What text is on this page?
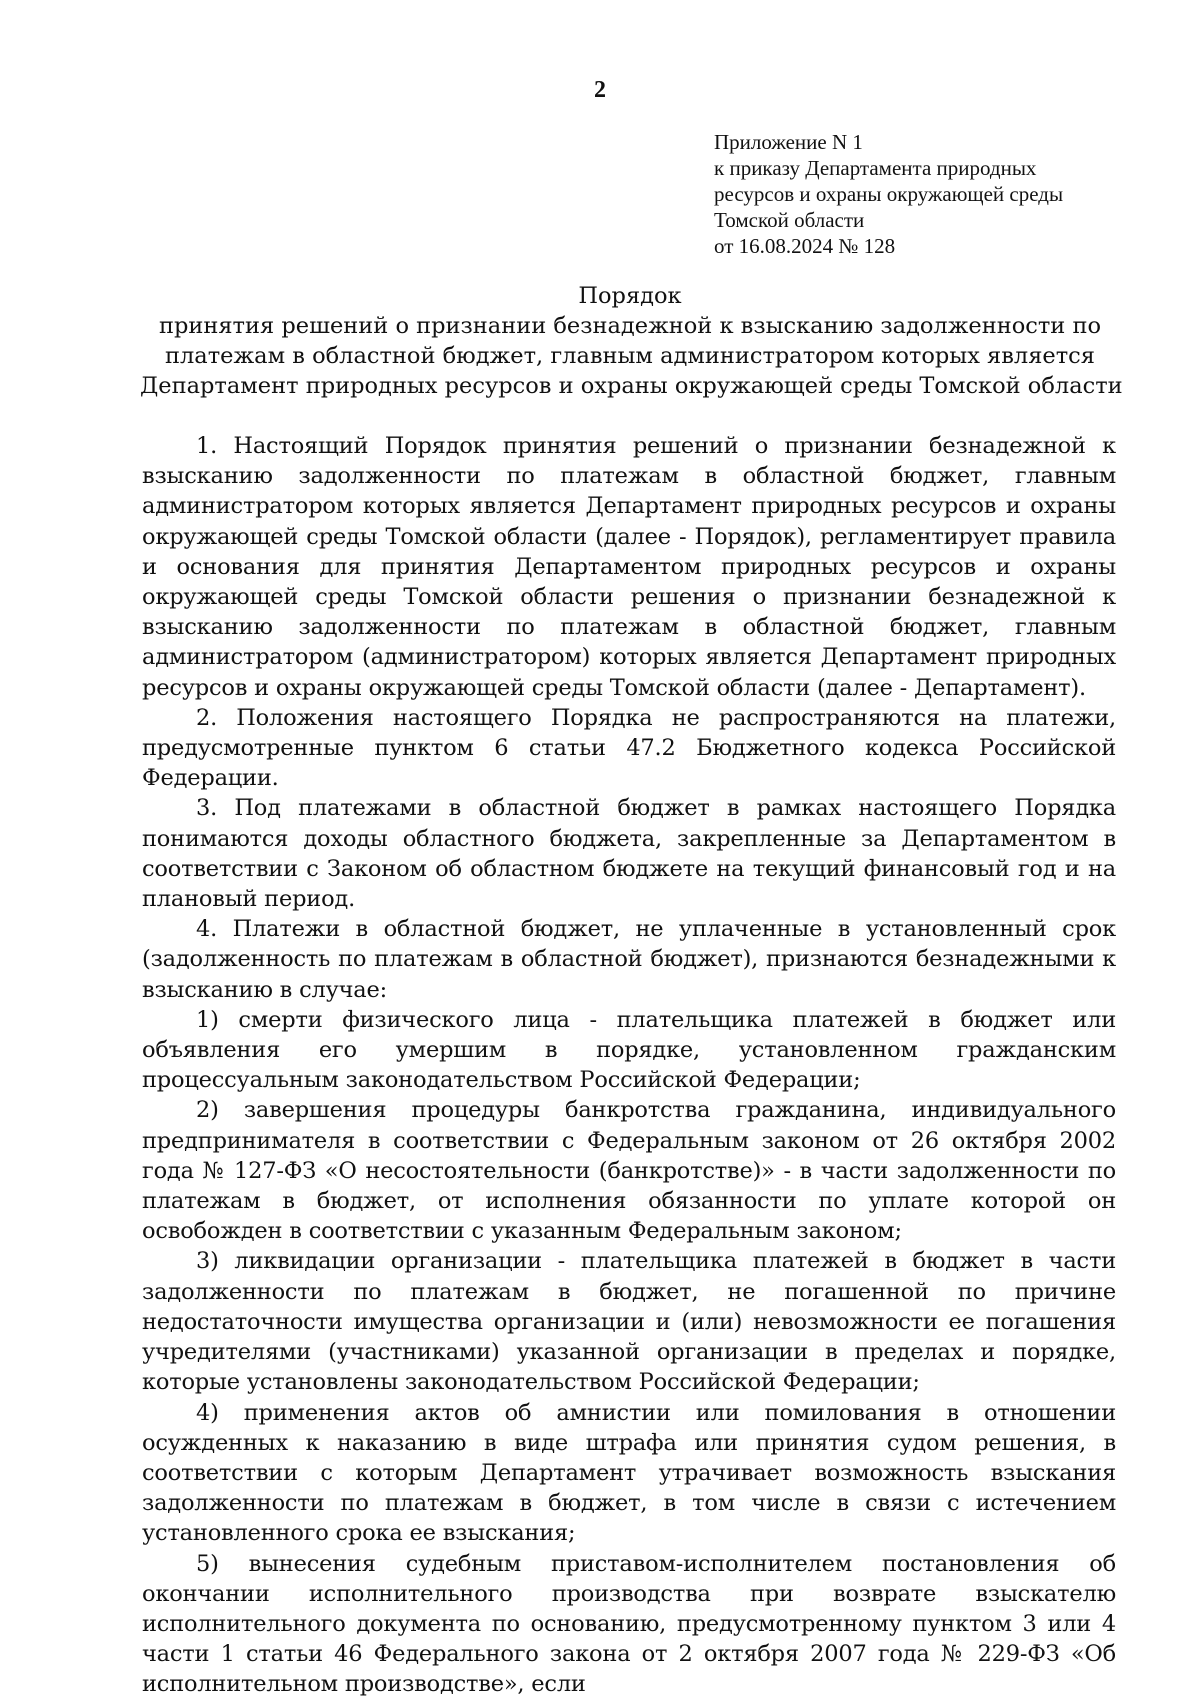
2
Приложение N 1
к приказу Департамента природных
ресурсов и охраны окружающей среды
Томской области
от 16.08.2024 № 128
Порядок
принятия решений о признании безнадежной к взысканию задолженности по
платежам в областной бюджет, главным администратором которых является
Департамент природных ресурсов и охраны окружающей среды Томской области

1. Настоящий Порядок принятия решений о признании безнадежной к взысканию задолженности по платежам в областной бюджет, главным администратором которых является Департамент природных ресурсов и охраны окружающей среды Томской области (далее - Порядок), регламентирует правила и основания для принятия Департаментом природных ресурсов и охраны окружающей среды Томской области решения о признании безнадежной к взысканию задолженности по платежам в областной бюджет, главным администратором (администратором) которых является Департамент природных ресурсов и охраны окружающей среды Томской области (далее - Департамент).

2. Положения настоящего Порядка не распространяются на платежи, предусмотренные пунктом 6 статьи 47.2 Бюджетного кодекса Российской Федерации.

3. Под платежами в областной бюджет в рамках настоящего Порядка понимаются доходы областного бюджета, закрепленные за Департаментом в соответствии с Законом об областном бюджете на текущий финансовый год и на плановый период.

4. Платежи в областной бюджет, не уплаченные в установленный срок (задолженность по платежам в областной бюджет), признаются безнадежными к взысканию в случае:

1) смерти физического лица - плательщика платежей в бюджет или объявления его умершим в порядке, установленном гражданским процессуальным законодательством Российской Федерации;

2) завершения процедуры банкротства гражданина, индивидуального предпринимателя в соответствии с Федеральным законом от 26 октября 2002 года № 127-ФЗ «О несостоятельности (банкротстве)» - в части задолженности по платежам в бюджет, от исполнения обязанности по уплате которой он освобожден в соответствии с указанным Федеральным законом;

3) ликвидации организации - плательщика платежей в бюджет в части задолженности по платежам в бюджет, не погашенной по причине недостаточности имущества организации и (или) невозможности ее погашения учредителями (участниками) указанной организации в пределах и порядке, которые установлены законодательством Российской Федерации;

4) применения актов об амнистии или помилования в отношении осужденных к наказанию в виде штрафа или принятия судом решения, в соответствии с которым Департамент утрачивает возможность взыскания задолженности по платежам в бюджет, в том числе в связи с истечением установленного срока ее взыскания;

5) вынесения судебным приставом-исполнителем постановления об окончании исполнительного производства при возврате взыскателю исполнительного документа по основанию, предусмотренному пунктом 3 или 4 части 1 статьи 46 Федерального закона от 2 октября 2007 года № 229-ФЗ «Об исполнительном производстве», если
